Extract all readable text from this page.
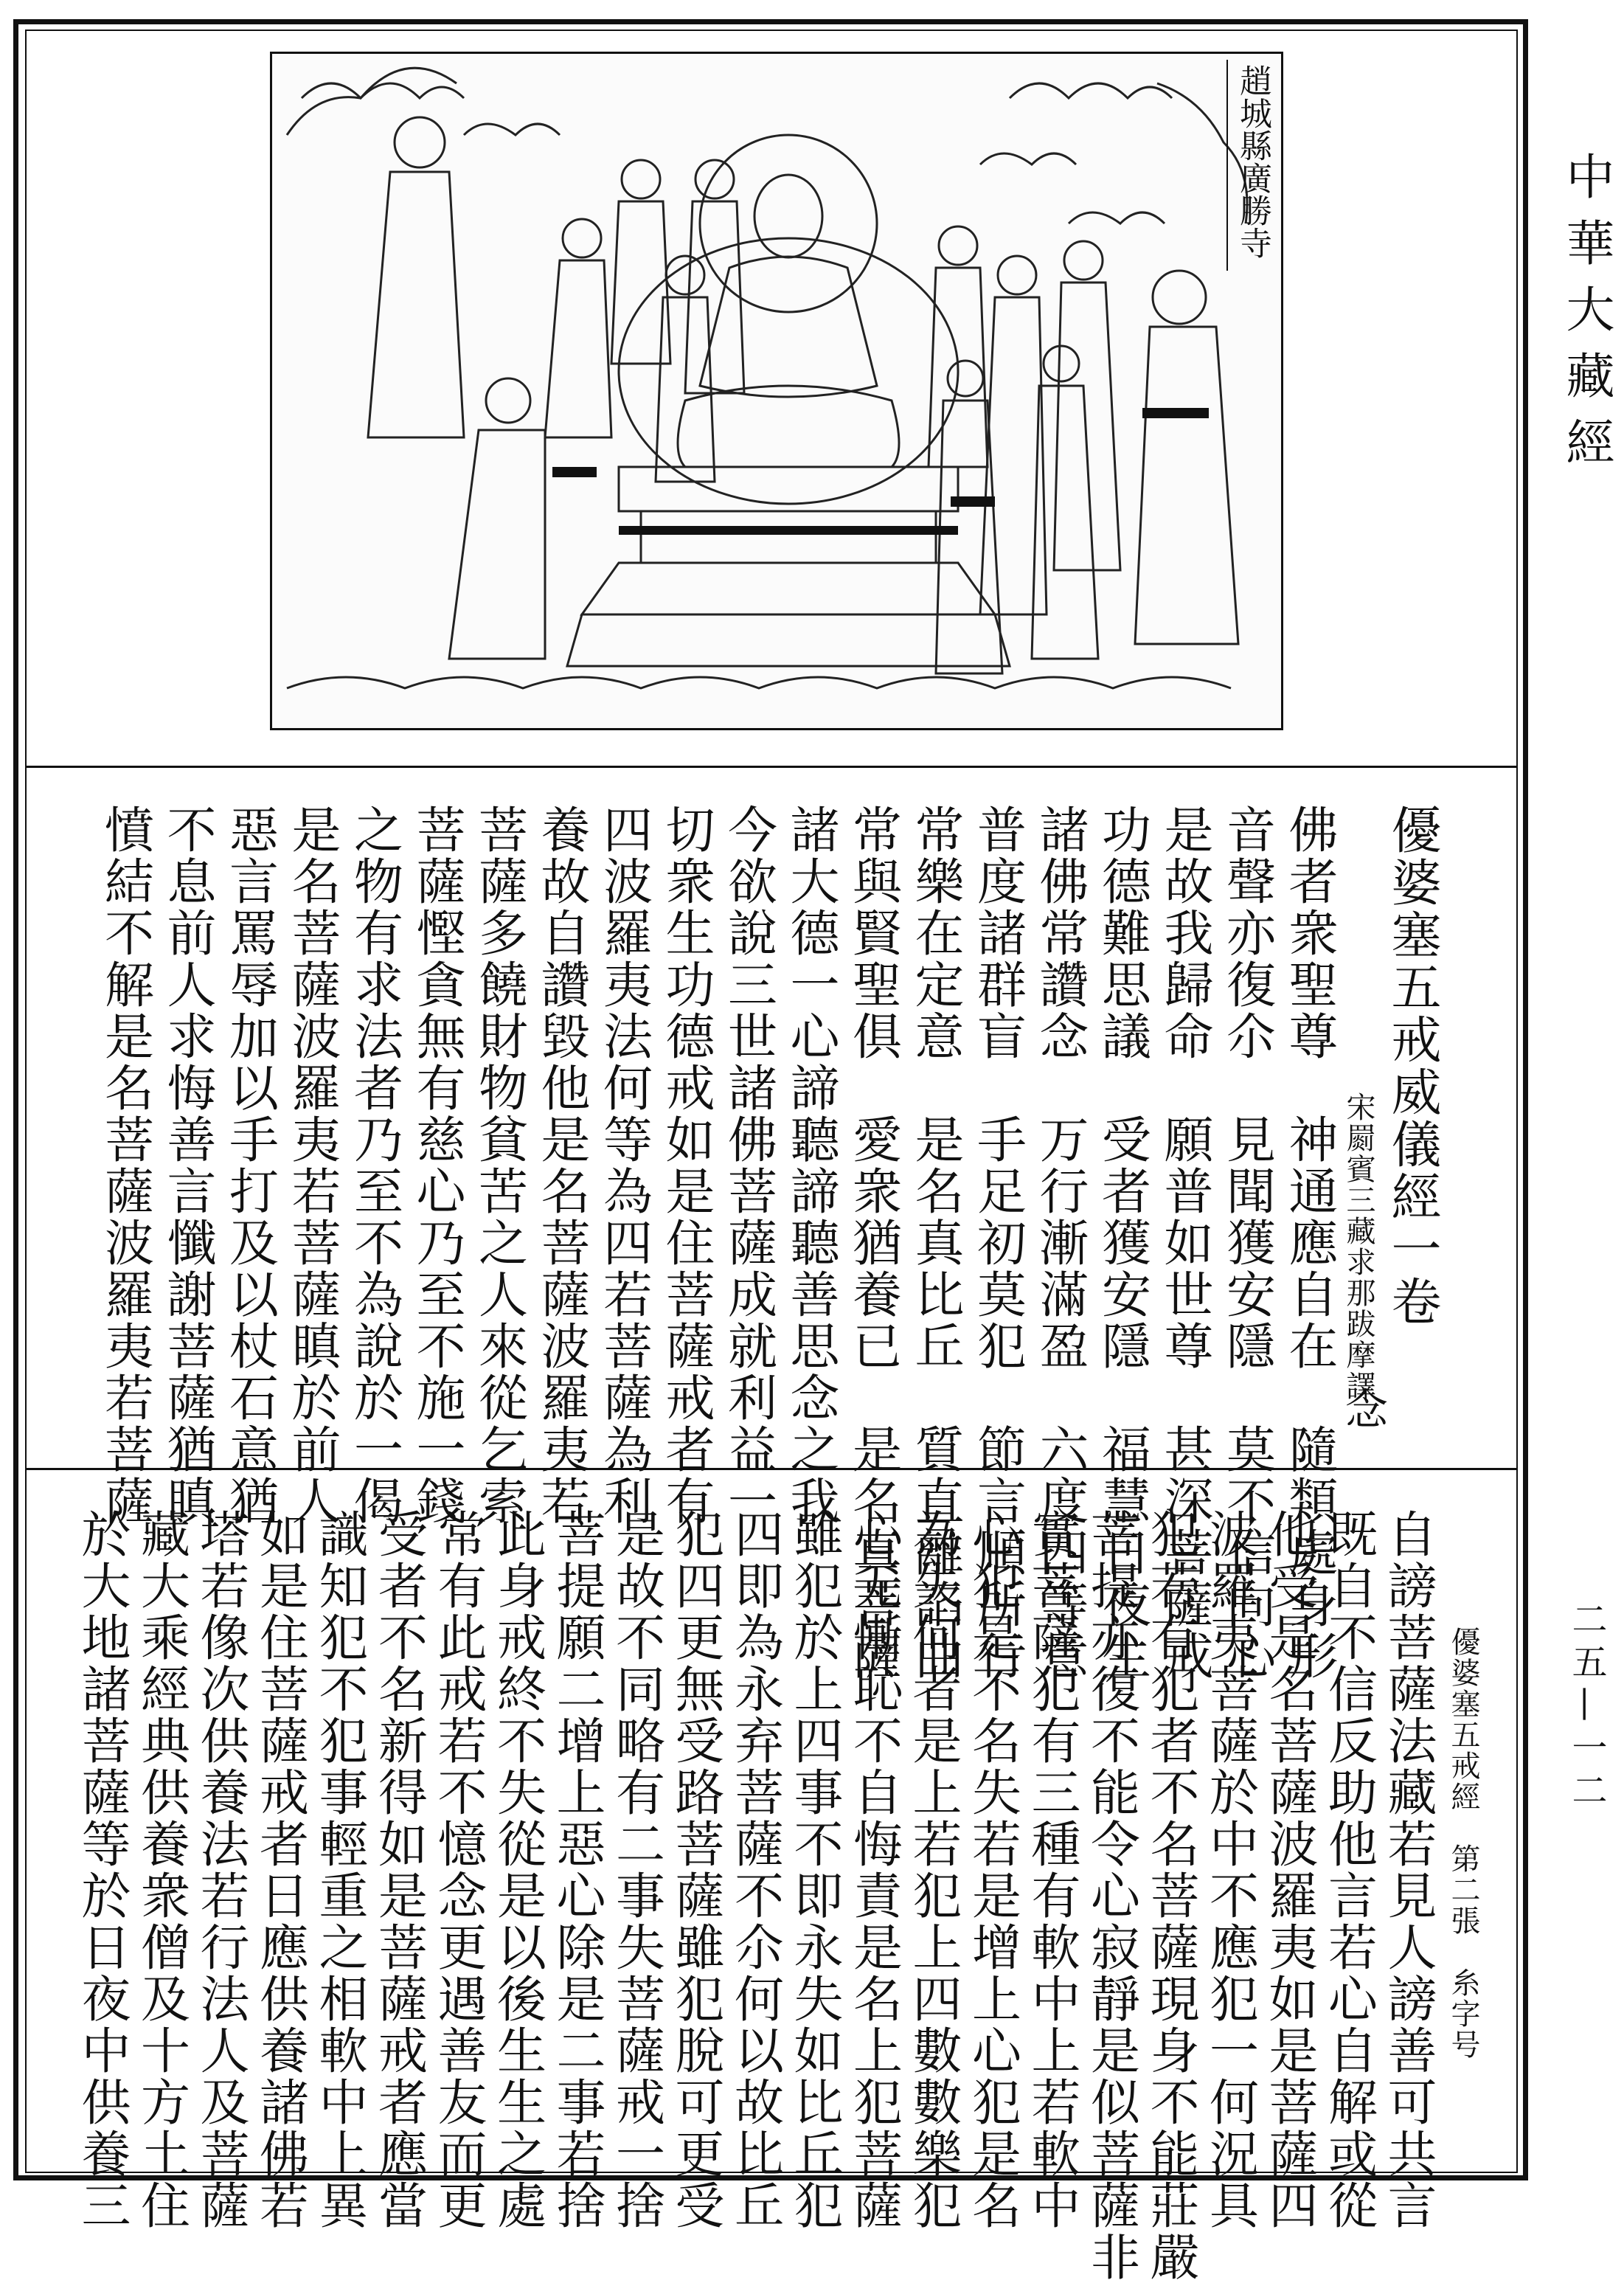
趙城縣廣勝寺	中華大藏經
二五—一二
優婆塞五戒威儀經一卷
宋罽賓三藏求那跋摩譯
念
佛者衆聖尊　神通應自在　隨類處身形
音聲亦復尒　見聞獲安隱　莫不信向心
是故我歸命　願普如世尊　甚深菩薩戒
功德難思議　受者獲安隱　福慧日夜生
諸佛常讚念　万行漸滿盈　六度四等意
普度諸群盲　手足初莫犯　節言順所行
常樂在定意　是名真比丘　質直離諂曲
常與賢聖俱　愛衆猶養已　是名真菩薩
諸大德一心諦聽諦聽善思念之我
今欲說三世諸佛菩薩成就利益一
切衆生功德戒如是住菩薩戒者有
四波羅夷法何等為四若菩薩為利
養故自讚毀他是名菩薩波羅夷若
菩薩多饒財物貧苦之人來從乞索
菩薩慳貪無有慈心乃至不施一錢
之物有求法者乃至不為說於一偈
是名菩薩波羅夷若菩薩瞋於前人
惡言罵辱加以手打及以杖石意猶
不息前人求悔善言懺謝菩薩猶瞋
憤結不解是名菩薩波羅夷若菩薩
優婆塞五戒經　第二張　糸字号
自謗菩薩法藏若見人謗善可共言
既自不信反助他言若心自解或從
他受是名菩薩波羅夷如是菩薩四
波羅夷菩薩於中不應犯一何況具
犯若有犯者不名菩薩現身不能莊嚴
菩提亦復不能令心寂靜是似菩薩非
實菩薩犯有三種有軟中上若軟中
心犯是不名失若是增上心犯是名
為失何者是上若犯上四數數樂犯
心无慚恥不自悔責是名上犯菩薩
雖犯於上四事不即永失如比丘犯
四即為永弃菩薩不尒何以故比丘
犯四更無受路菩薩雖犯脫可更受
是故不同略有二事失菩薩戒一捨
菩提願二增上惡心除是二事若捨
此身戒終不失從是以後生生之處
常有此戒若不憶念更遇善友而更
受者不名新得如是菩薩戒者應當
識知犯不犯事輕重之相軟中上異
如是住菩薩戒者日應供養諸佛若
塔若像次供養法若行法人及菩薩
藏大乘經典供養衆僧及十方土住
於大地諸菩薩等於日夜中供養三
